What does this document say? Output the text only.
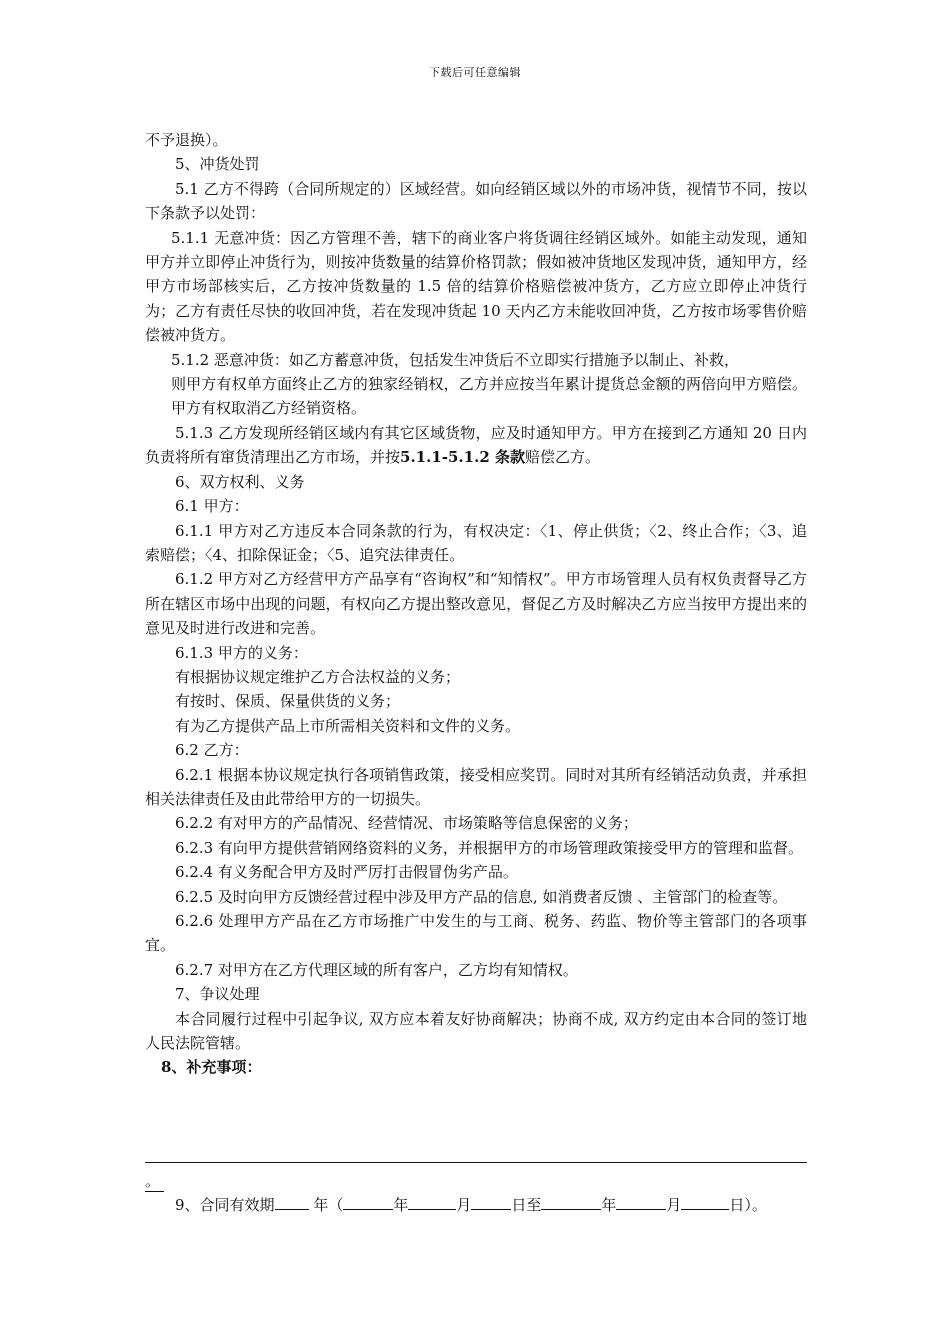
下载后可任意编辑

不予退换）。

5、冲货处罚

5.1 乙方不得跨（合同所规定的）区域经营。如向经销区域以外的市场冲货，视情节不同，按以下条款予以处罚：

5.1.1 无意冲货：因乙方管理不善，辖下的商业客户将货调往经销区域外。如能主动发现，通知甲方并立即停止冲货行为，则按冲货数量的结算价格罚款；假如被冲货地区发现冲货，通知甲方，经甲方市场部核实后，乙方按冲货数量的 1.5 倍的结算价格赔偿被冲货方，乙方应立即停止冲货行为；乙方有责任尽快的收回冲货，若在发现冲货起 10 天内乙方未能收回冲货，乙方按市场零售价赔偿被冲货方。

5.1.2 恶意冲货：如乙方蓄意冲货，包括发生冲货后不立即实行措施予以制止、补救，

则甲方有权单方面终止乙方的独家经销权，乙方并应按当年累计提货总金额的两倍向甲方赔偿。甲方有权取消乙方经销资格。

5.1.3 乙方发现所经销区域内有其它区域货物，应及时通知甲方。甲方在接到乙方通知 20 日内负责将所有窜货清理出乙方市场，并按5.1.1-5.1.2 条款赔偿乙方。

6、双方权利、义务

6.1 甲方：

6.1.1 甲方对乙方违反本合同条款的行为，有权决定：〈1、停止供货；〈2、终止合作；〈3、追索赔偿；〈4、扣除保证金；〈5、追究法律责任。

6.1.2 甲方对乙方经营甲方产品享有“咨询权”和“知情权”。甲方市场管理人员有权负责督导乙方所在辖区市场中出现的问题，有权向乙方提出整改意见，督促乙方及时解决乙方应当按甲方提出来的意见及时进行改进和完善。

6.1.3 甲方的义务：

有根据协议规定维护乙方合法权益的义务；

有按时、保质、保量供货的义务；

有为乙方提供产品上市所需相关资料和文件的义务。

6.2 乙方：

6.2.1 根据本协议规定执行各项销售政策，接受相应奖罚。同时对其所有经销活动负责，并承担相关法律责任及由此带给甲方的一切损失。

6.2.2 有对甲方的产品情况、经营情况、市场策略等信息保密的义务；

6.2.3 有向甲方提供营销网络资料的义务，并根据甲方的市场管理政策接受甲方的管理和监督。

6.2.4 有义务配合甲方及时严厉打击假冒伪劣产品。

6.2.5 及时向甲方反馈经营过程中涉及甲方产品的信息, 如消费者反馈 、主管部门的检查等。

6.2.6 处理甲方产品在乙方市场推广中发生的与工商、税务、药监、物价等主管部门的各项事宜。

6.2.7 对甲方在乙方代理区域的所有客户，乙方均有知情权。

7、争议处理

本合同履行过程中引起争议, 双方应本着友好协商解决；协商不成, 双方约定由本合同的签订地人民法院管辖。

8、补充事项：

。
9、合同有效期	年（	年	月	日至	年	月	日）。
